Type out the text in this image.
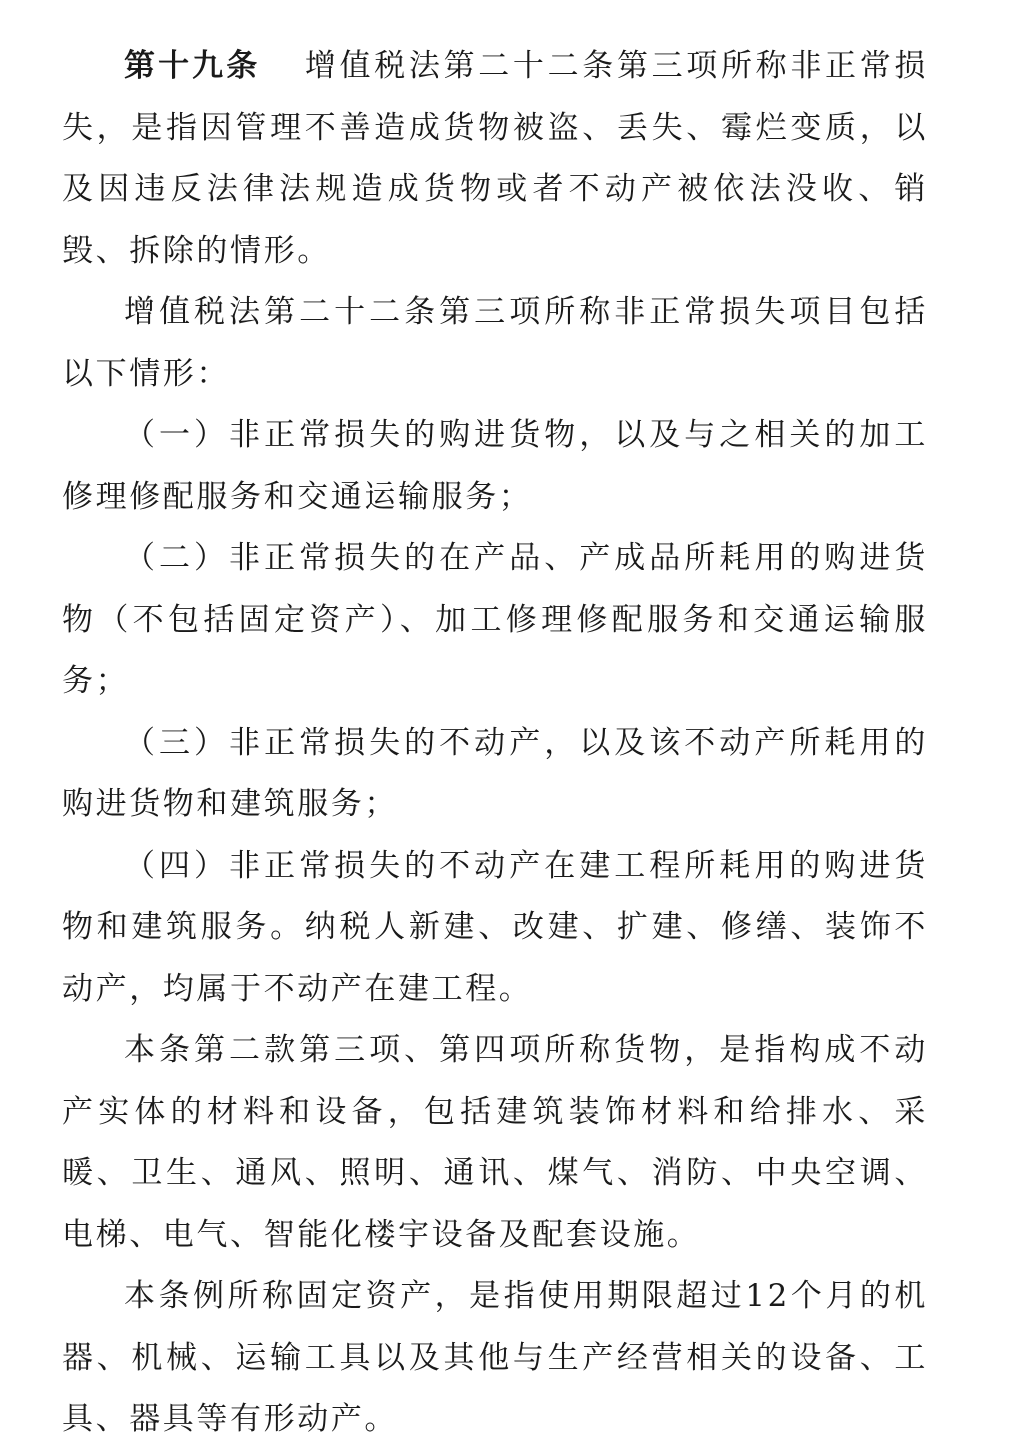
第十九条　  增值税法第二十二条第三项所称非正常损失，是指因管理不善造成货物被盗、丢失、霉烂变质，以及因违反法律法规造成货物或者不动产被依法没收、销毁、拆除的情形。

增值税法第二十二条第三项所称非正常损失项目包括以下情形：

（一）非正常损失的购进货物，以及与之相关的加工修理修配服务和交通运输服务；

（二）非正常损失的在产品、产成品所耗用的购进货物（不包括固定资产）、加工修理修配服务和交通运输服务；

（三）非正常损失的不动产，以及该不动产所耗用的购进货物和建筑服务；

（四）非正常损失的不动产在建工程所耗用的购进货物和建筑服务。纳税人新建、改建、扩建、修缮、装饰不动产，均属于不动产在建工程。

本条第二款第三项、第四项所称货物，是指构成不动产实体的材料和设备，包括建筑装饰材料和给排水、采暖、卫生、通风、照明、通讯、煤气、消防、中央空调、电梯、电气、智能化楼宇设备及配套设施。

本条例所称固定资产，是指使用期限超过12个月的机器、机械、运输工具以及其他与生产经营相关的设备、工具、器具等有形动产。
